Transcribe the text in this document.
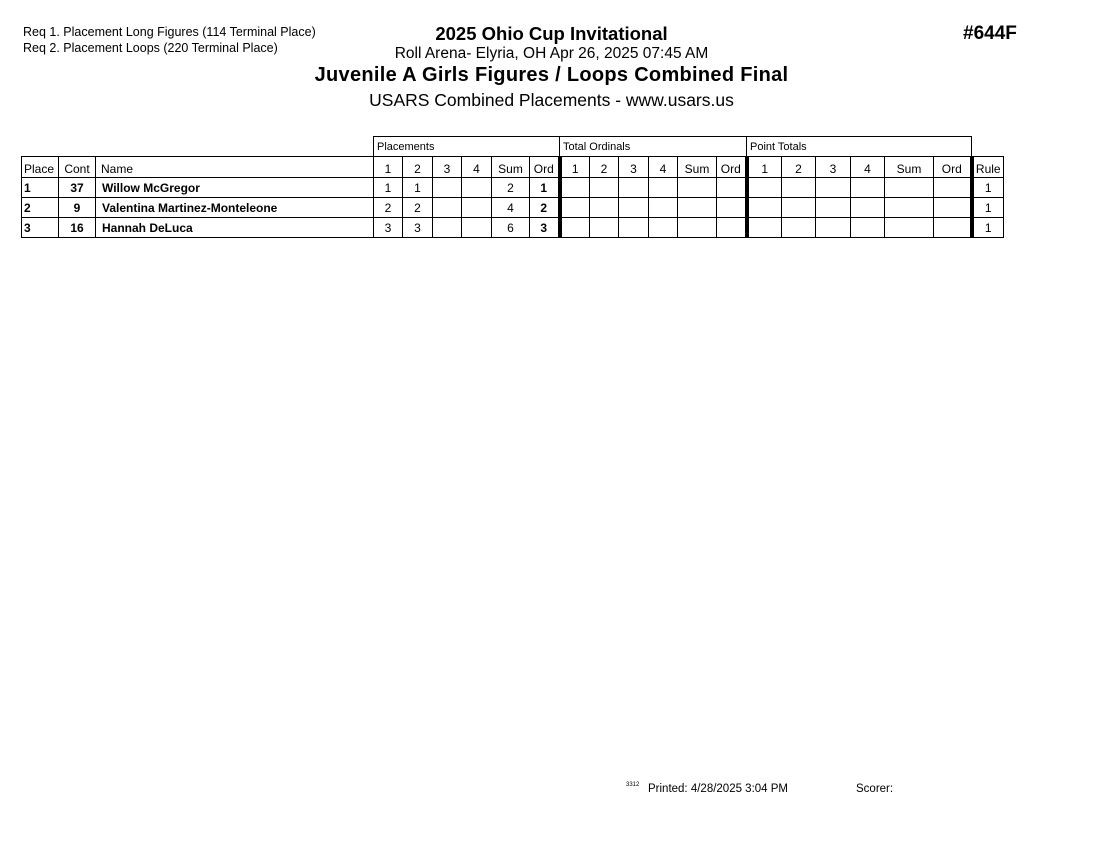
Req 1. Placement Long Figures (114 Terminal Place)
Req 2. Placement Loops (220 Terminal Place)
2025 Ohio Cup Invitational
Roll Arena- Elyria, OH Apr 26, 2025 07:45 AM
Juvenile A Girls Figures / Loops Combined Final
USARS Combined Placements - www.usars.us
#644F
			Placements						Total Ordinals						Point Totals						
Place	Cont	Name	1	2	3	4	Sum	Ord	1	2	3	4	Sum	Ord	1	2	3	4	Sum	Ord	Rule
1	37	Willow McGregor	1	1			2	1													1
2	9	Valentina Martinez-Monteleone	2	2			4	2													1
3	16	Hannah DeLuca	3	3			6	3													1
3312 Printed: 4/28/2025 3:04 PM	Scorer:
